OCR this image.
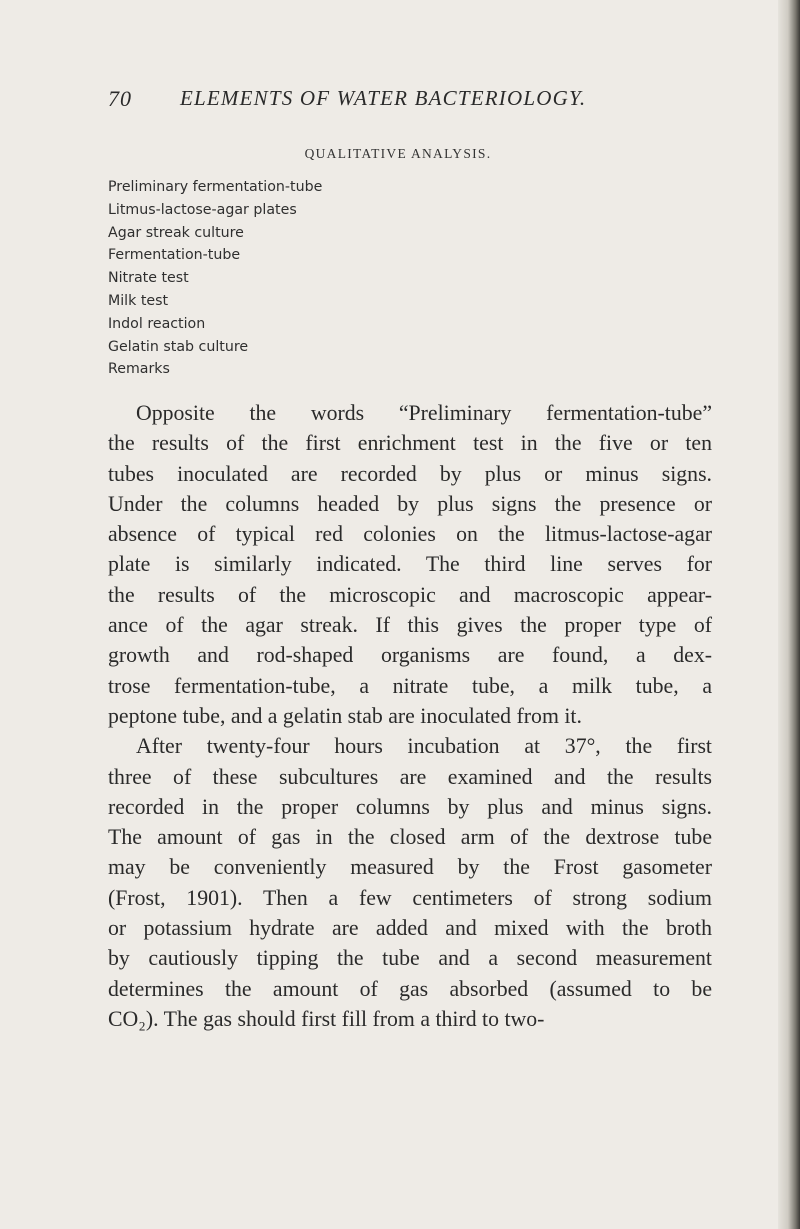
70 ELEMENTS OF WATER BACTERIOLOGY.
QUALITATIVE ANALYSIS.
Preliminary fermentation-tube
Litmus-lactose-agar plates
Agar streak culture
Fermentation-tube
Nitrate test
Milk test
Indol reaction
Gelatin stab culture
Remarks
Opposite the words “Preliminary fermentation-tube”
the results of the first enrichment test in the five or ten
tubes inoculated are recorded by plus or minus signs.
Under the columns headed by plus signs the presence or
absence of typical red colonies on the litmus-lactose-agar
plate is similarly indicated. The third line serves for
the results of the microscopic and macroscopic appear-
ance of the agar streak. If this gives the proper type of
growth and rod-shaped organisms are found, a dex-
trose fermentation-tube, a nitrate tube, a milk tube, a
peptone tube, and a gelatin stab are inoculated from it.
After twenty-four hours incubation at 37°, the first
three of these subcultures are examined and the results
recorded in the proper columns by plus and minus signs.
The amount of gas in the closed arm of the dextrose tube
may be conveniently measured by the Frost gasometer
(Frost, 1901). Then a few centimeters of strong sodium
or potassium hydrate are added and mixed with the broth
by cautiously tipping the tube and a second measurement
determines the amount of gas absorbed (assumed to be
CO₂). The gas should first fill from a third to two-
